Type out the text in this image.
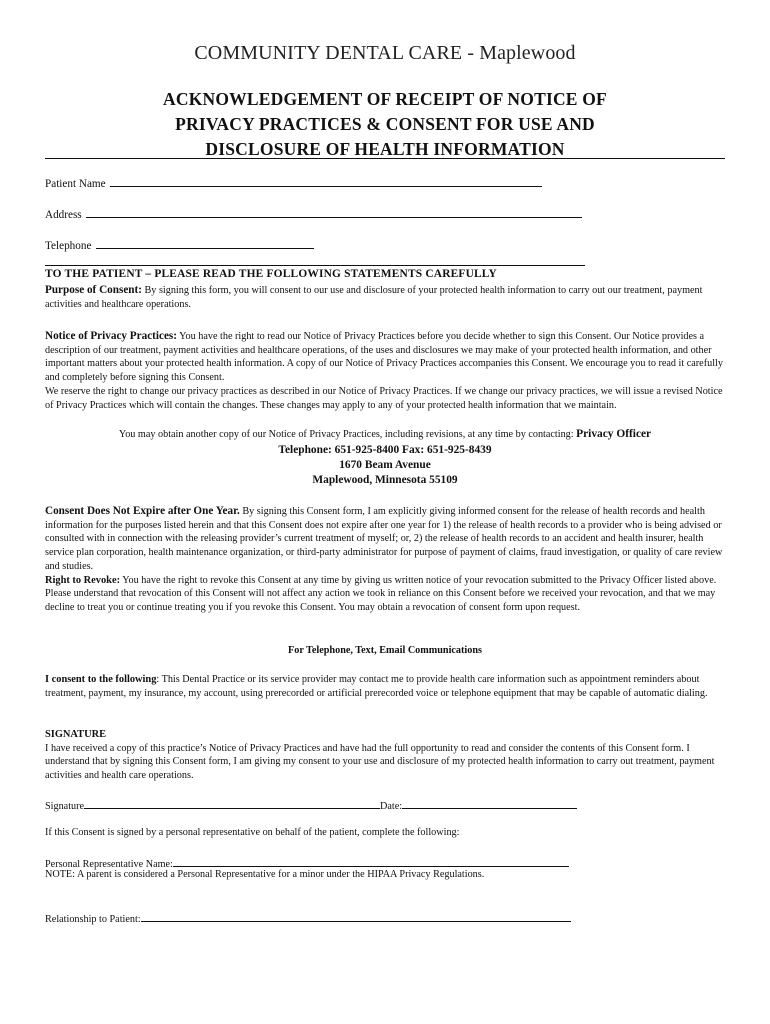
COMMUNITY DENTAL CARE - Maplewood
ACKNOWLEDGEMENT OF RECEIPT OF NOTICE OF
PRIVACY PRACTICES & CONSENT FOR USE AND
DISCLOSURE OF HEALTH INFORMATION
Patient Name
Address
Telephone
TO THE PATIENT – PLEASE READ THE FOLLOWING STATEMENTS CAREFULLY
Purpose of Consent: By signing this form, you will consent to our use and disclosure of your protected health information to carry out our treatment, payment activities and healthcare operations.
Notice of Privacy Practices: You have the right to read our Notice of Privacy Practices before you decide whether to sign this Consent. Our Notice provides a description of our treatment, payment activities and healthcare operations, of the uses and disclosures we may make of your protected health information, and other important matters about your protected health information. A copy of our Notice of Privacy Practices accompanies this Consent. We encourage you to read it carefully and completely before signing this Consent.
We reserve the right to change our privacy practices as described in our Notice of Privacy Practices. If we change our privacy practices, we will issue a revised Notice of Privacy Practices which will contain the changes. These changes may apply to any of your protected health information that we maintain.
You may obtain another copy of our Notice of Privacy Practices, including revisions, at any time by contacting: Privacy Officer
Telephone: 651-925-8400 Fax: 651-925-8439
1670 Beam Avenue
Maplewood, Minnesota 55109
Consent Does Not Expire after One Year. By signing this Consent form, I am explicitly giving informed consent for the release of health records and health information for the purposes listed herein and that this Consent does not expire after one year for 1) the release of health records to a provider who is being advised or consulted with in connection with the releasing provider’s current treatment of myself; or, 2) the release of health records to an accident and health insurer, health service plan corporation, health maintenance organization, or third-party administrator for purpose of payment of claims, fraud investigation, or quality of care review and studies.
Right to Revoke: You have the right to revoke this Consent at any time by giving us written notice of your revocation submitted to the Privacy Officer listed above. Please understand that revocation of this Consent will not affect any action we took in reliance on this Consent before we received your revocation, and that we may decline to treat you or continue treating you if you revoke this Consent. You may obtain a revocation of consent form upon request.
For Telephone, Text, Email Communications
I consent to the following: This Dental Practice or its service provider may contact me to provide health care information such as appointment reminders about treatment, payment, my insurance, my account, using prerecorded or artificial prerecorded voice or telephone equipment that may be capable of automatic dialing.
SIGNATURE
I have received a copy of this practice’s Notice of Privacy Practices and have had the full opportunity to read and consider the contents of this Consent form. I understand that by signing this Consent form, I am giving my consent to your use and disclosure of my protected health information to carry out treatment, payment activities and health care operations.
Signature	Date:
If this Consent is signed by a personal representative on behalf of the patient, complete the following:
Personal Representative Name:
NOTE: A parent is considered a Personal Representative for a minor under the HIPAA Privacy Regulations.
Relationship to Patient:
